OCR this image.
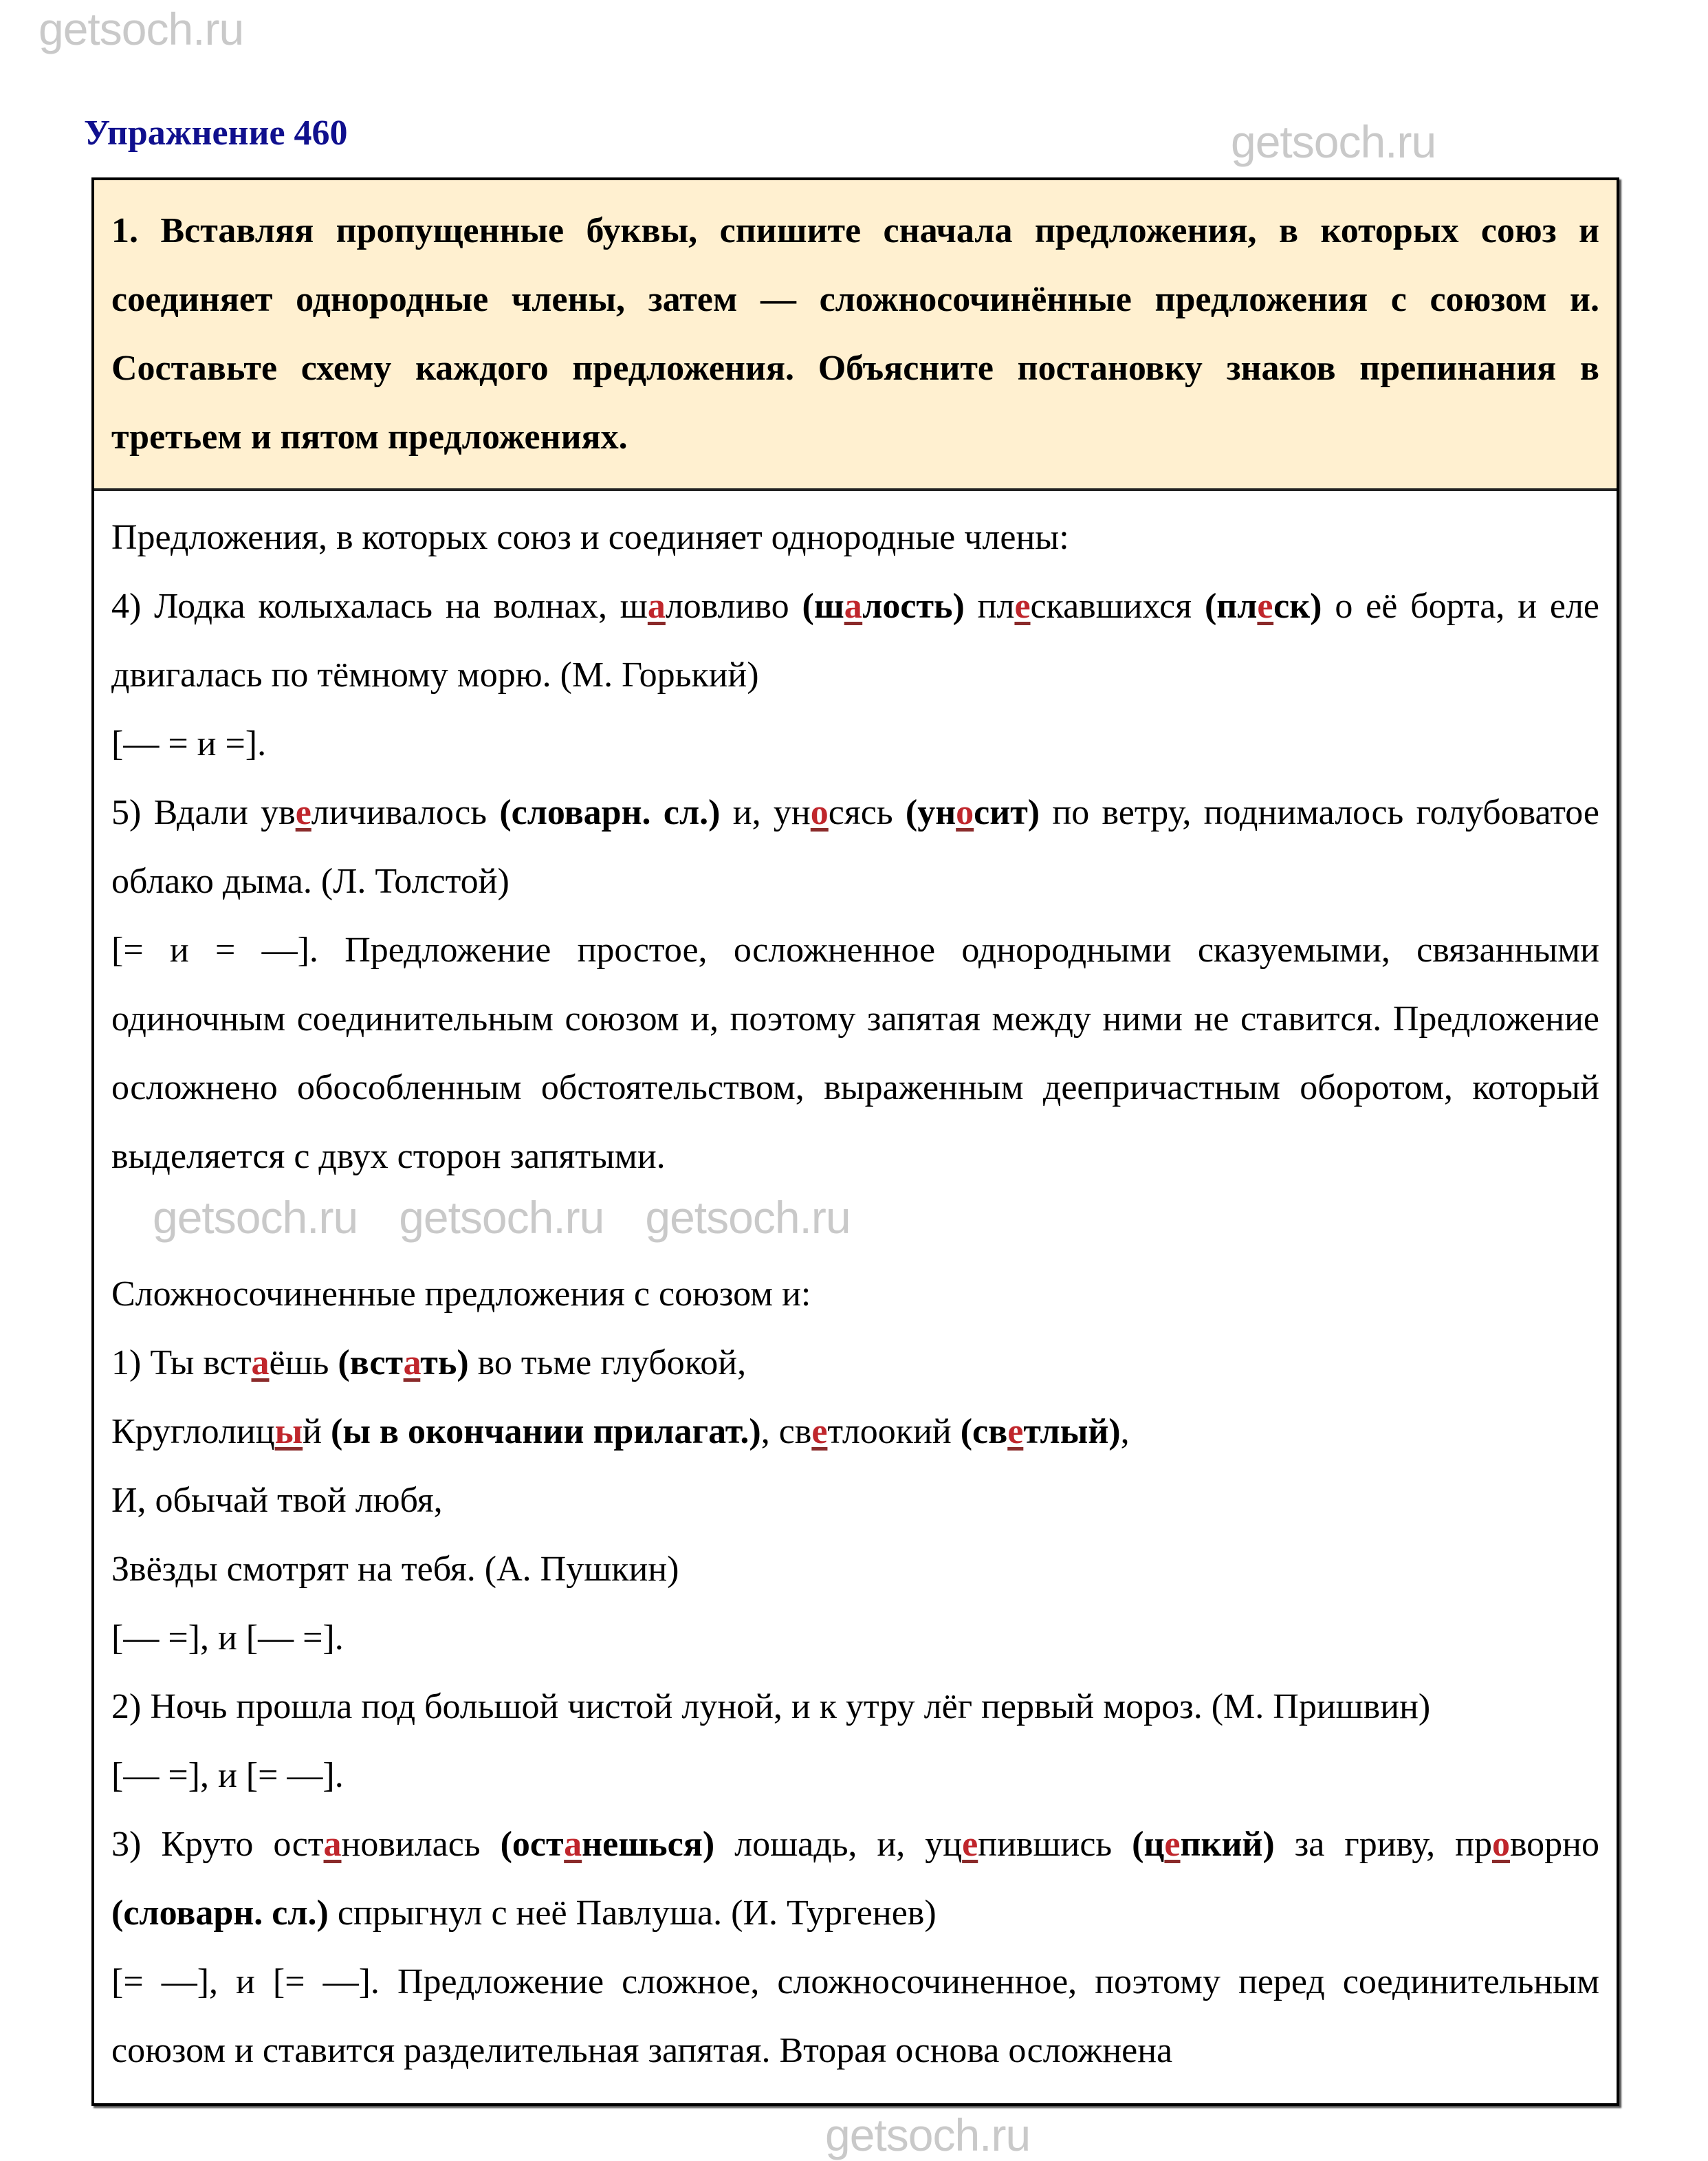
getsoch.ru
getsoch.ru
getsoch.ru
Упражнение 460

1. Вставляя пропущенные буквы, спишите сначала предложения, в которых союз и соединяет однородные члены, затем — сложносочинённые предложения с союзом и. Составьте схему каждого предложения. Объясните постановку знаков препинания в третьем и пятом предложениях.

Предложения, в которых союз и соединяет однородные члены:

4) Лодка колыхалась на волнах, шаловливо (шалость) плескавшихся (плеск) о её борта, и еле двигалась по тёмному морю. (М. Горький)

[— = и =].

5) Вдали увеличивалось (словарн. сл.) и, уносясь (уносит) по ветру, поднималось голубоватое облако дыма. (Л. Толстой)

[= и = —]. Предложение простое, осложненное однородными сказуемыми, связанными одиночным соединительным союзом и, поэтому запятая между ними не ставится. Предложение осложнено обособленным обстоятельством, выраженным деепричастным оборотом, который выделяется с двух сторон запятыми.

getsoch.ru getsoch.ru getsoch.ru

Сложносочиненные предложения с союзом и:

1) Ты встаёшь (встать) во тьме глубокой,

Круглолицый (ы в окончании прилагат.), светлоокий (светлый),

И, обычай твой любя,

Звёзды смотрят на тебя. (А. Пушкин)

[— =], и [— =].

2) Ночь прошла под большой чистой луной, и к утру лёг первый мороз. (М. Пришвин)

[— =], и [= —].

3) Круто остановилась (останешься) лошадь, и, уцепившись (цепкий) за гриву, проворно (словарн. сл.) спрыгнул с неё Павлуша. (И. Тургенев)

[= —], и [= —]. Предложение сложное, сложносочиненное, поэтому перед соединительным союзом и ставится разделительная запятая. Вторая основа осложнена
